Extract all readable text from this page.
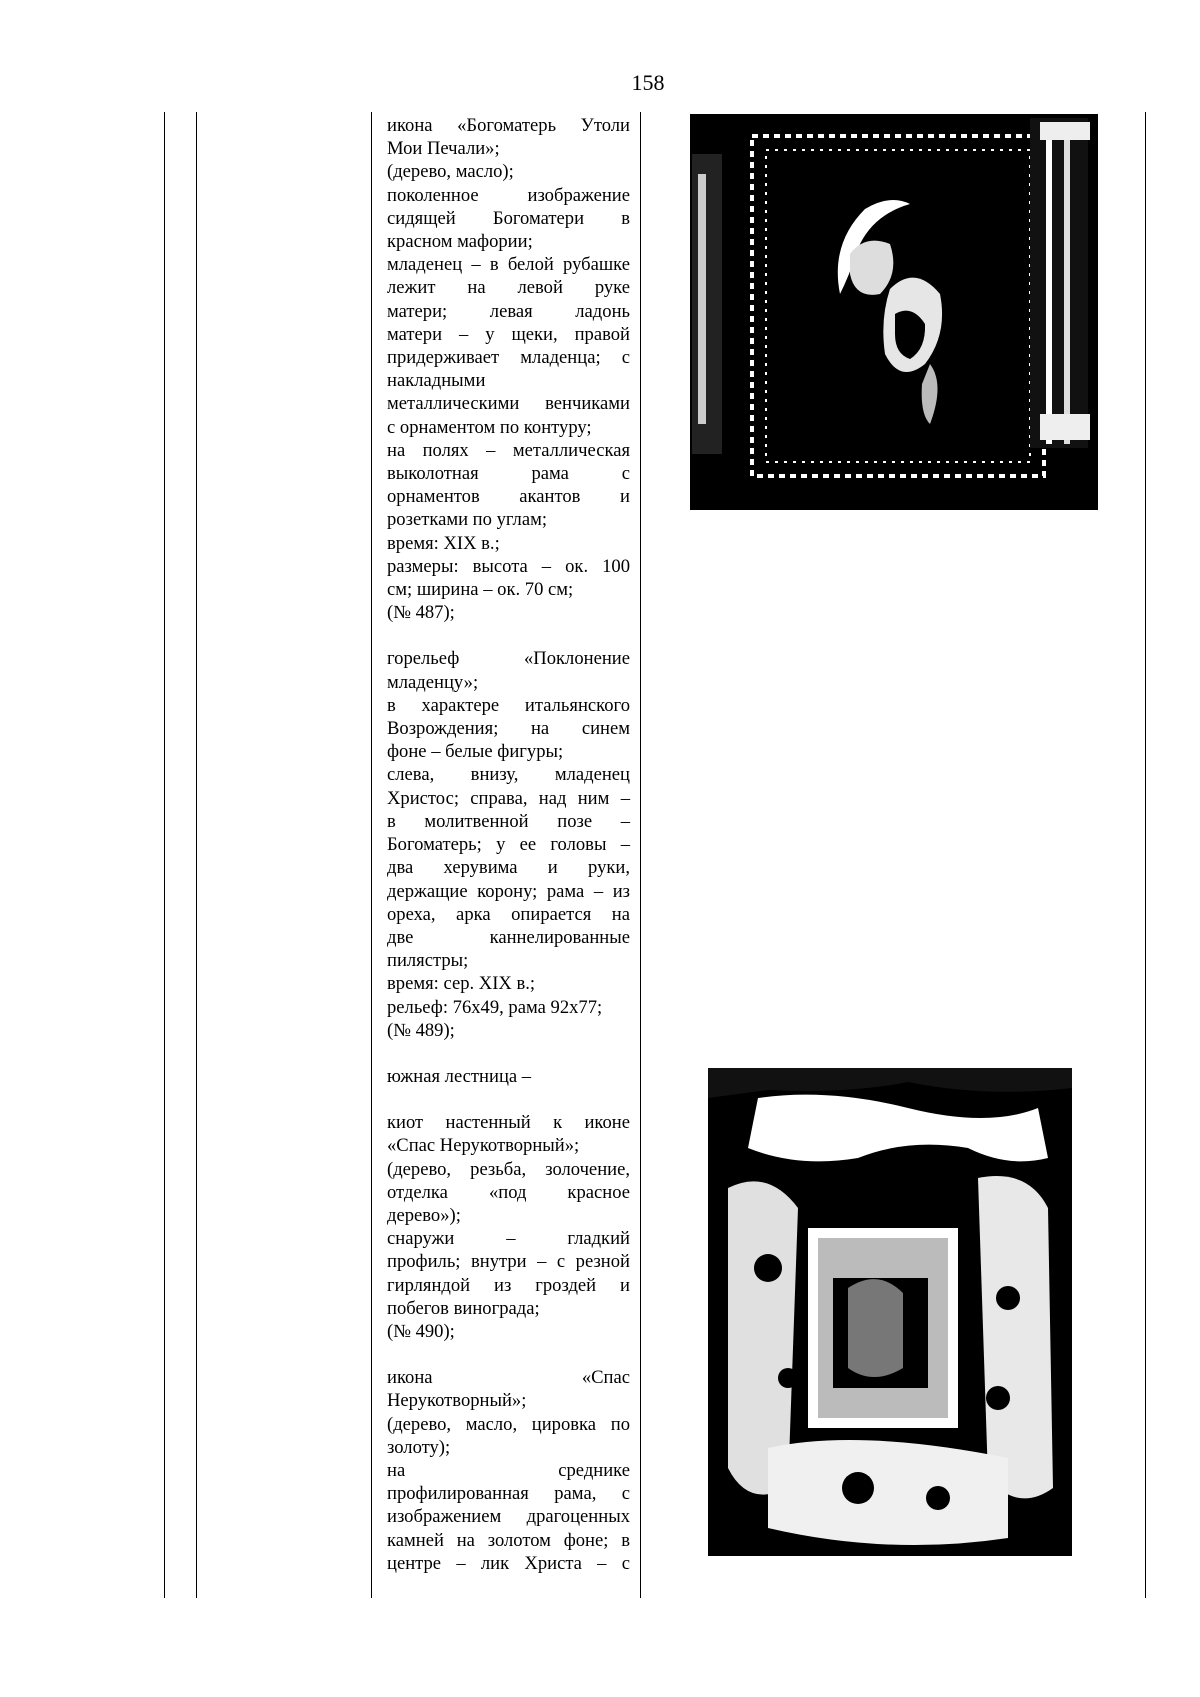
158
икона «Богоматерь Утоли
Мои Печали»;
(дерево, масло);
поколенное изображение
сидящей Богоматери в
красном мафории;
младенец – в белой рубашке
лежит на левой руке
матери; левая ладонь
матери – у щеки, правой
придерживает младенца; с
накладными
металлическими венчиками
с орнаментом по контуру;
на полях – металлическая
выколотная рама с
орнаментов акантов и
розетками по углам;
время: XIX в.;
размеры: высота – ок. 100
см; ширина – ок. 70 см;
(№ 487);
горельеф «Поклонение
младенцу»;
в характере итальянского
Возрождения; на синем
фоне – белые фигуры;
слева, внизу, младенец
Христос; справа, над ним –
в молитвенной позе –
Богоматерь; у ее головы –
два херувима и руки,
держащие корону; рама – из
ореха, арка опирается на
две каннелированные
пилястры;
время: сер. XIX в.;
рельеф: 76х49, рама 92х77;
(№ 489);
южная лестница –
киот настенный к иконе
«Спас Нерукотворный»;
(дерево, резьба, золочение,
отделка «под красное
дерево»);
снаружи – гладкий
профиль; внутри – с резной
гирляндой из гроздей и
побегов винограда;
(№ 490);
икона «Спас
Нерукотворный»;
(дерево, масло, цировка по
золоту);
на среднике
профилированная рама, с
изображением драгоценных
камней на золотом фоне; в
центре – лик Христа – с
